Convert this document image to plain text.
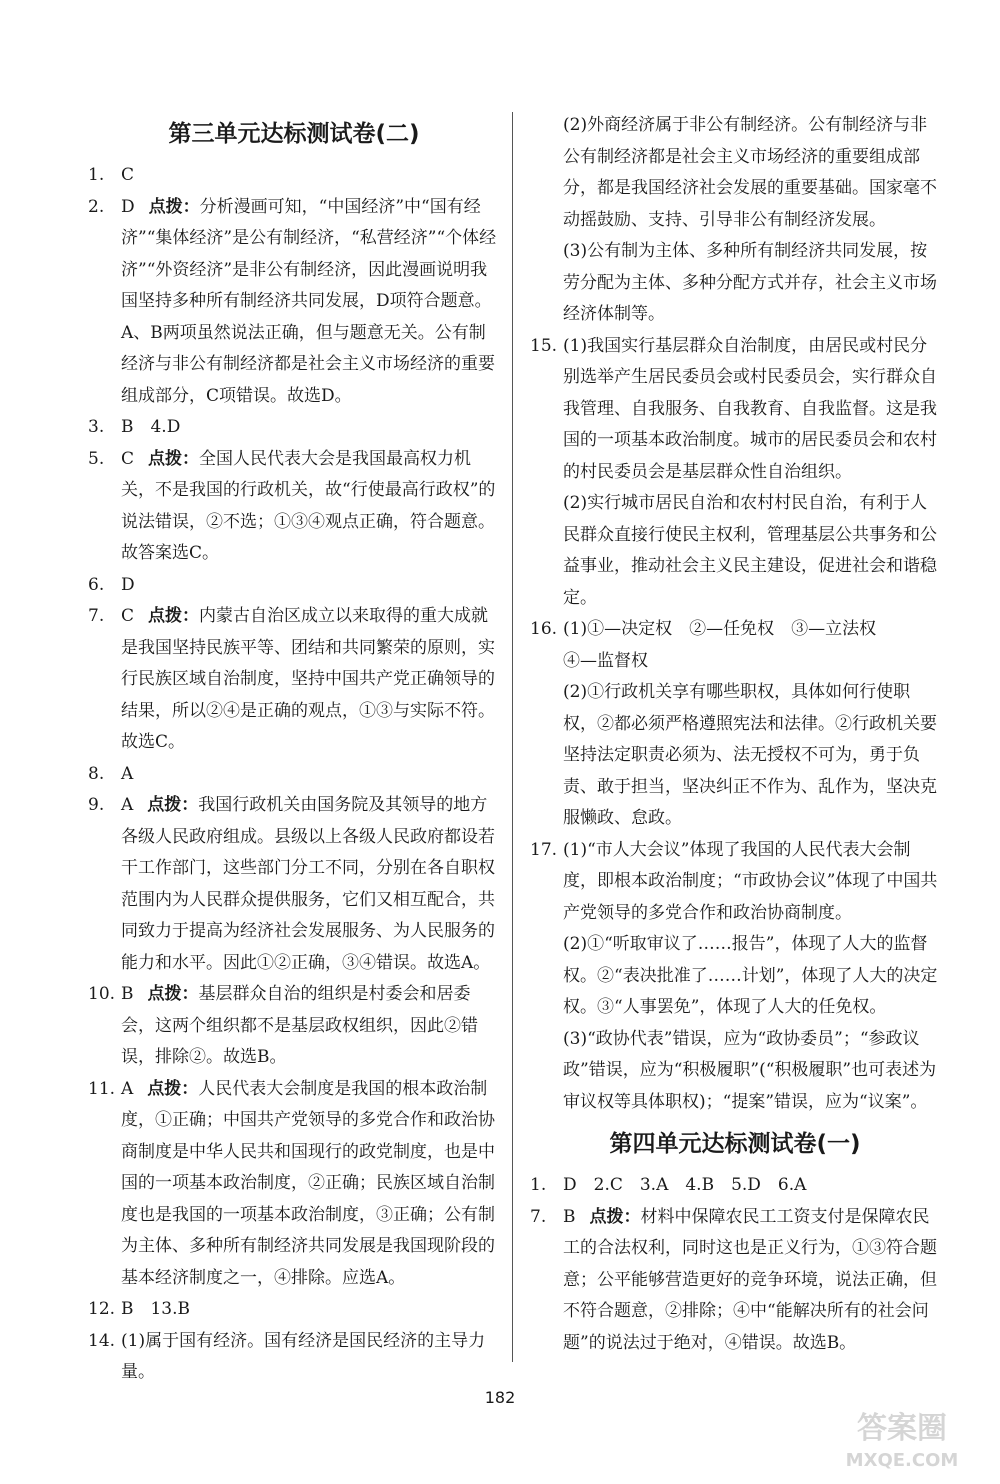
第三单元达标测试卷(二)

1. C

2. D 点拨：分析漫画可知，“中国经济”中“国有经济”“集体经济”是公有制经济，“私营经济”“个体经济”“外资经济”是非公有制经济，因此漫画说明我国坚持多种所有制经济共同发展，D项符合题意。A、B两项虽然说法正确，但与题意无关。公有制经济与非公有制经济都是社会主义市场经济的重要组成部分，C项错误。故选D。

3. B　4.D

5. C 点拨：全国人民代表大会是我国最高权力机关，不是我国的行政机关，故“行使最高行政权”的说法错误，②不选；①③④观点正确，符合题意。故答案选C。

6. D

7. C 点拨：内蒙古自治区成立以来取得的重大成就是我国坚持民族平等、团结和共同繁荣的原则，实行民族区域自治制度，坚持中国共产党正确领导的结果，所以②④是正确的观点，①③与实际不符。故选C。

8. A

9. A 点拨：我国行政机关由国务院及其领导的地方各级人民政府组成。县级以上各级人民政府都设若干工作部门，这些部门分工不同，分别在各自职权范围内为人民群众提供服务，它们又相互配合，共同致力于提高为经济社会发展服务、为人民服务的能力和水平。因此①②正确，③④错误。故选A。

10. B 点拨：基层群众自治的组织是村委会和居委会，这两个组织都不是基层政权组织，因此②错误，排除②。故选B。

11. A 点拨：人民代表大会制度是我国的根本政治制度，①正确；中国共产党领导的多党合作和政治协商制度是中华人民共和国现行的政党制度，也是中国的一项基本政治制度，②正确；民族区域自治制度也是我国的一项基本政治制度，③正确；公有制为主体、多种所有制经济共同发展是我国现阶段的基本经济制度之一，④排除。应选A。

12. B　13.B

14. (1)属于国有经济。国有经济是国民经济的主导力量。

(2)外商经济属于非公有制经济。公有制经济与非公有制经济都是社会主义市场经济的重要组成部分，都是我国经济社会发展的重要基础。国家毫不动摇鼓励、支持、引导非公有制经济发展。

(3)公有制为主体、多种所有制经济共同发展，按劳分配为主体、多种分配方式并存，社会主义市场经济体制等。

15. (1)我国实行基层群众自治制度，由居民或村民分别选举产生居民委员会或村民委员会，实行群众自我管理、自我服务、自我教育、自我监督。这是我国的一项基本政治制度。城市的居民委员会和农村的村民委员会是基层群众性自治组织。

(2)实行城市居民自治和农村村民自治，有利于人民群众直接行使民主权利，管理基层公共事务和公益事业，推动社会主义民主建设，促进社会和谐稳定。

16. (1)①—决定权　②—任免权　③—立法权

④—监督权

(2)①行政机关享有哪些职权，具体如何行使职权，②都必须严格遵照宪法和法律。②行政机关要坚持法定职责必须为、法无授权不可为，勇于负责、敢于担当，坚决纠正不作为、乱作为，坚决克服懒政、怠政。

17. (1)“市人大会议”体现了我国的人民代表大会制度，即根本政治制度；“市政协会议”体现了中国共产党领导的多党合作和政治协商制度。

(2)①“听取审议了……报告”，体现了人大的监督权。②“表决批准了……计划”，体现了人大的决定权。③“人事罢免”，体现了人大的任免权。

(3)“政协代表”错误，应为“政协委员”；“参政议政”错误，应为“积极履职”(“积极履职”也可表述为审议权等具体职权)；“提案”错误，应为“议案”。

第四单元达标测试卷(一)

1. D　2.C　3.A　4.B　5.D　6.A

7. B 点拨：材料中保障农民工工资支付是保障农民工的合法权利，同时这也是正义行为，①③符合题意；公平能够营造更好的竞争环境，说法正确，但不符合题意，②排除；④中“能解决所有的社会问题”的说法过于绝对，④错误。故选B。

182
答案圈
MXQE.COM
